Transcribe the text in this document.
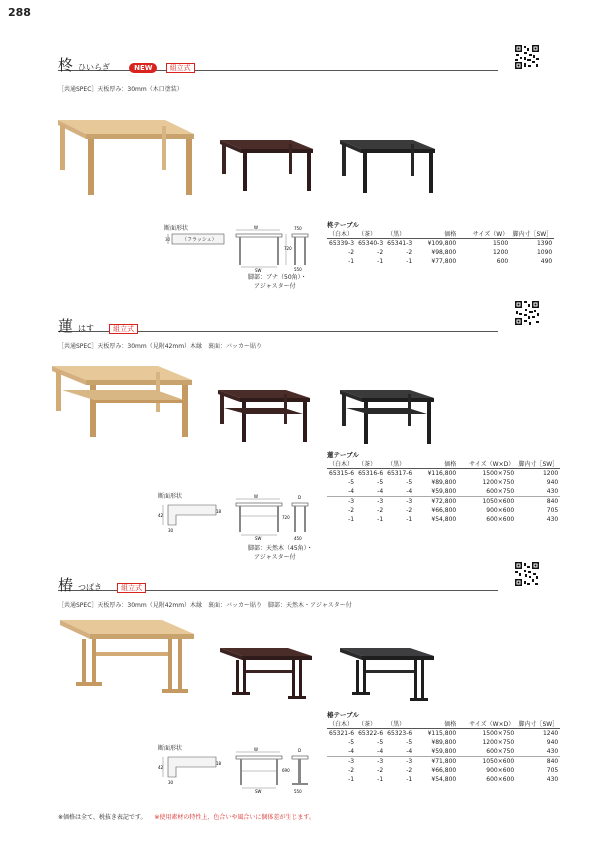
288
柊ひいらぎ	NEW 組立式
［共通SPEC］天板厚み：30mm（木口塗装）
断面形状
30 （フラッシュ）
W
SW
750
550
720
脚部：ブナ（50角）・
アジャスター付
柊テーブル
（白木）	（茶）	（黒）	価格	サイズ（W）	脚内寸［SW］
65339-3	65340-3	65341-3	¥109,800	1500	1390
-2	-2	-2	¥98,800	1200	1090
-1	-1	-1	¥77,800	600	490
蓮はす	組立式
［共通SPEC］天板厚み：30mm（見附42mm）木縁　裏面：バッカー貼り
断面形状
42
30
18
W
SW
D
450
720
脚部：天然木（45角）・
アジャスター付
蓮テーブル
（白木）	（茶）	（黒）	価格	サイズ（W×D）	脚内寸［SW］
65315-6	65316-6	65317-6	¥116,800	1500×750	1200
-5	-5	-5	¥89,800	1200×750	940
-4	-4	-4	¥59,800	600×750	430
-3	-3	-3	¥72,800	1050×600	840
-2	-2	-2	¥66,800	900×600	705
-1	-1	-1	¥54,800	600×600	430
椿つばき	組立式
［共通SPEC］天板厚み：30mm（見附42mm）木縁　裏面：バッカー貼り　脚部：天然木・アジャスター付
断面形状
42
30
18
W
SW
D
550
690
椿テーブル
（白木）	（茶）	（黒）	価格	サイズ（W×D）	脚内寸［SW］
65321-6	65322-6	65323-6	¥115,800	1500×750	1240
-5	-5	-5	¥89,800	1200×750	940
-4	-4	-4	¥59,800	600×750	430
-3	-3	-3	¥71,800	1050×600	840
-2	-2	-2	¥66,800	900×600	705
-1	-1	-1	¥54,800	600×600	430
※価格は全て、税抜き表記です。 ※使用素材の特性上、色合いや風合いに個体差が生じます。
